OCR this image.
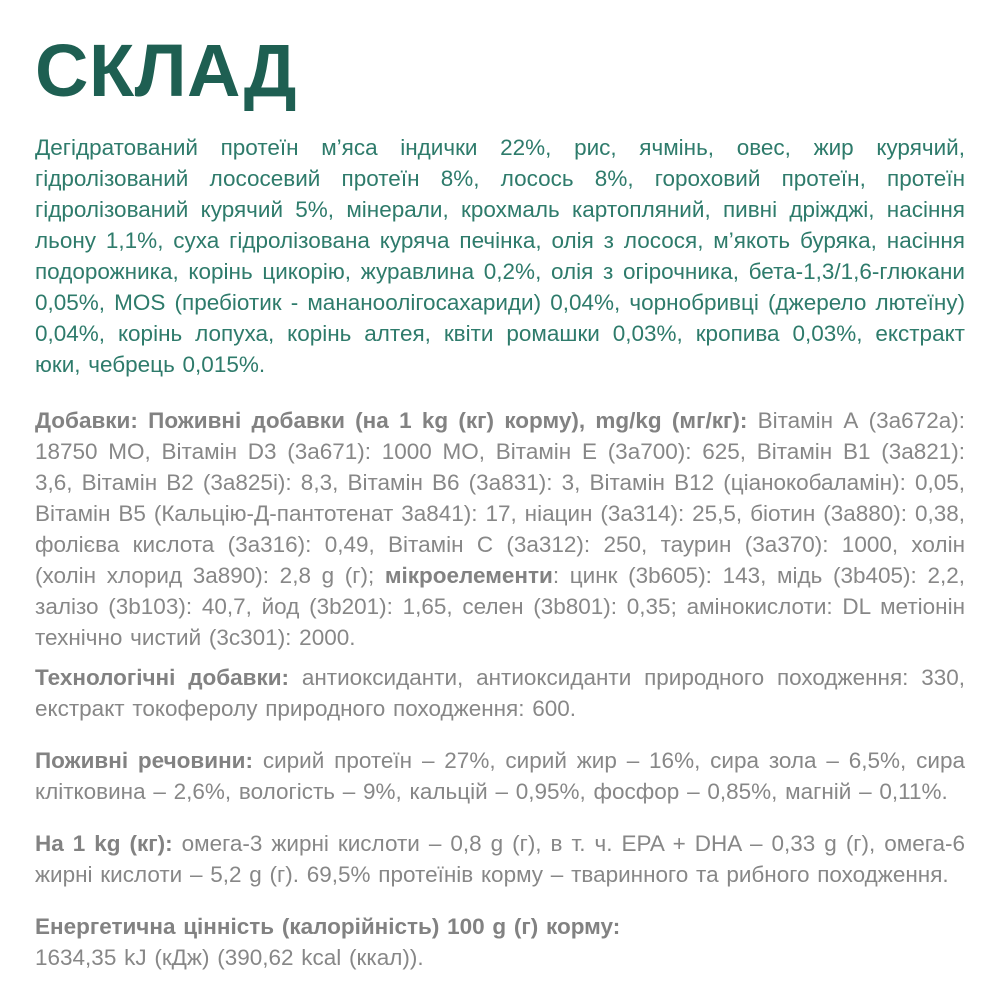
СКЛАД

Дегідратований протеїн м’яса індички 22%, рис, ячмінь, овес, жир курячий, гідролізований лососевий протеїн 8%, лосось 8%, гороховий протеїн, протеїн гідролізований курячий 5%, мінерали, крохмаль картопляний, пивні дріжджі, насіння льону 1,1%, суха гідролізована куряча печінка, олія з лосося, м’якоть буряка, насіння подорожника, корінь цикорію, журавлина 0,2%, олія з огірочника, бета-1,3/1,6-глюкани 0,05%, MOS (пребіотик - мананоолігосахариди) 0,04%, чорнобривці (джерело лютеїну) 0,04%, корінь лопуха, корінь алтея, квіти ромашки 0,03%, кропива 0,03%, екстракт юки, чебрець 0,015%.

Добавки: Поживні добавки (на 1 kg (кг) корму), mg/kg (мг/кг): Вітамін А (3a672a): 18750 МО, Вітамін D3 (3a671): 1000 МО, Вітамін E (3a700): 625, Вітамін B1 (3a821): 3,6, Вітамін B2 (3a825i): 8,3, Вітамін B6 (3a831): 3, Вітамін B12 (ціанокобаламін): 0,05, Вітамін B5 (Кальцію-Д-пантотенат 3a841): 17, ніацин (3a314): 25,5, біотин (3a880): 0,38, фолієва кислота (3a316): 0,49, Вітамін C (3a312): 250, таурин (3a370): 1000, холін (холін хлорид 3a890): 2,8 g (г); мікроелементи: цинк (3b605): 143, мідь (3b405): 2,2, залізо (3b103): 40,7, йод (3b201): 1,65, селен (3b801): 0,35; амінокислоти: DL метіонін технічно чистий (3c301): 2000.

Технологічні добавки: антиоксиданти, антиоксиданти природного походження: 330, екстракт токоферолу природного походження: 600.

Поживні речовини: сирий протеїн – 27%, сирий жир – 16%, сира зола – 6,5%, сира клітковина – 2,6%, вологість – 9%, кальцій – 0,95%, фосфор – 0,85%, магній – 0,11%.

На 1 kg (кг): омега-3 жирні кислоти – 0,8 g (г), в т. ч. EPA + DHA – 0,33 g (г), омега-6 жирні кислоти – 5,2 g (г). 69,5% протеїнів корму – тваринного та рибного походження.

Енергетична цінність (калорійність) 100 g (г) корму:
1634,35 kJ (кДж) (390,62 kcal (ккал)).
